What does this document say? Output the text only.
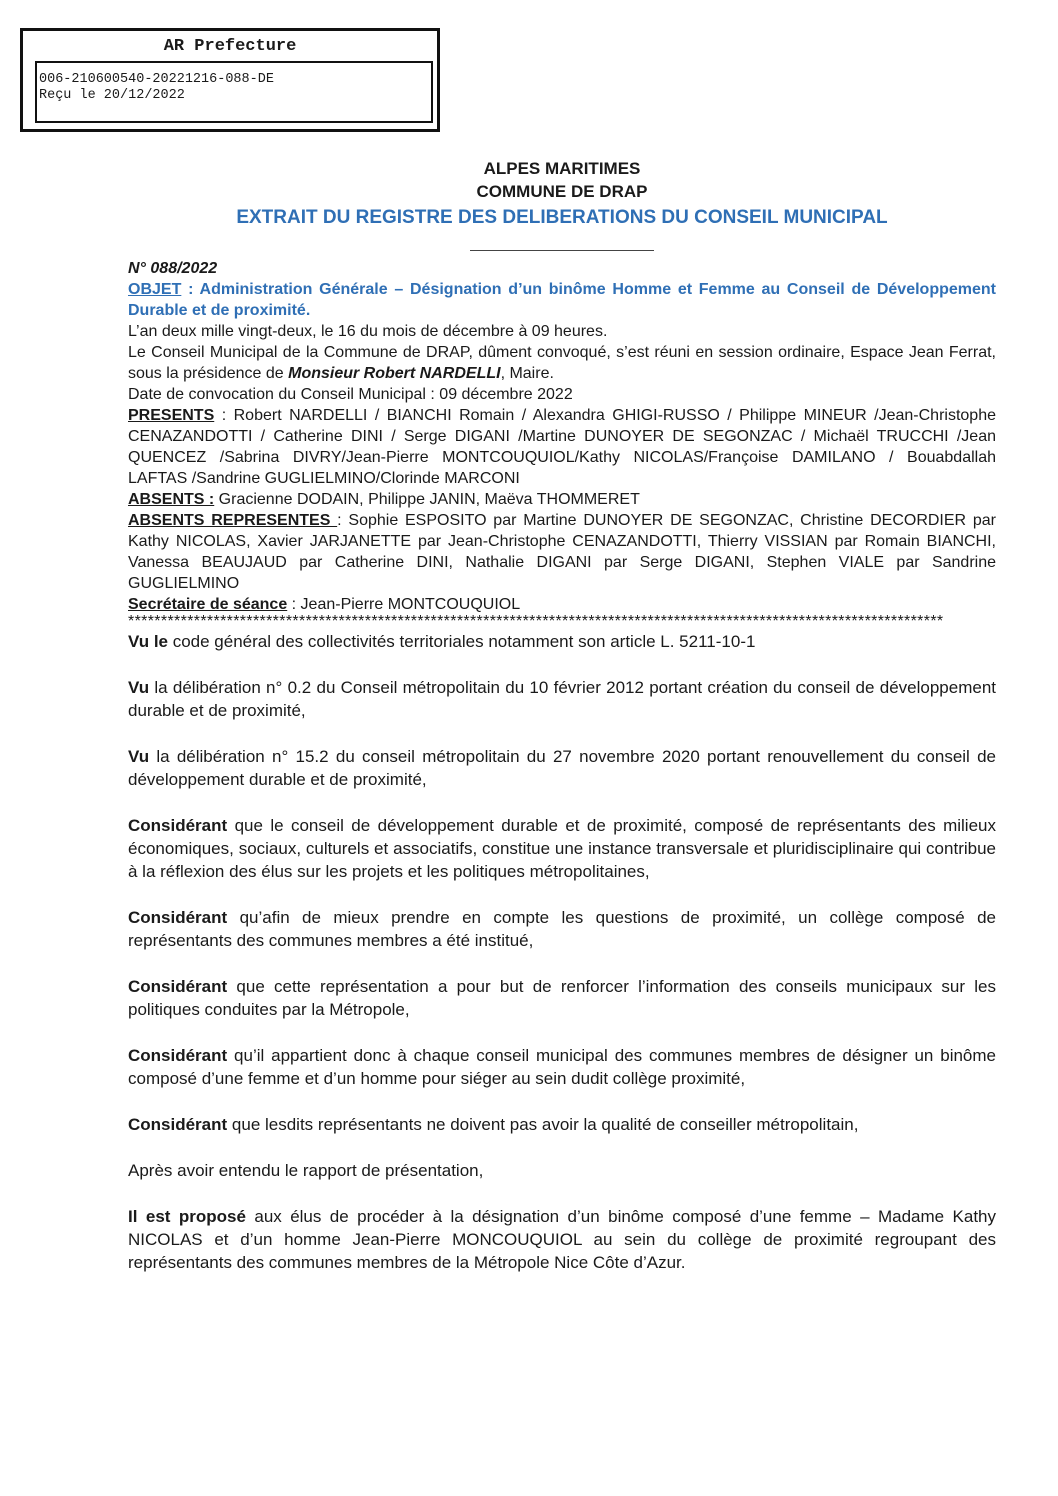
AR Prefecture
006-210600540-20221216-088-DE
Reçu le 20/12/2022
ALPES MARITIMES
COMMUNE DE DRAP
EXTRAIT DU REGISTRE DES DELIBERATIONS DU CONSEIL MUNICIPAL

N° 088/2022

OBJET : Administration Générale – Désignation d’un binôme Homme et Femme au Conseil de Développement Durable et de proximité.

L’an deux mille vingt-deux, le 16 du mois de décembre à 09 heures.

Le Conseil Municipal de la Commune de DRAP, dûment convoqué, s’est réuni en session ordinaire, Espace Jean Ferrat, sous la présidence de Monsieur Robert NARDELLI, Maire.

Date de convocation du Conseil Municipal : 09 décembre 2022

PRESENTS : Robert NARDELLI / BIANCHI Romain / Alexandra GHIGI-RUSSO / Philippe MINEUR /Jean-Christophe CENAZANDOTTI / Catherine DINI / Serge DIGANI /Martine DUNOYER DE SEGONZAC / Michaël TRUCCHI /Jean QUENCEZ /Sabrina DIVRY/Jean-Pierre MONTCOUQUIOL/Kathy NICOLAS/Françoise DAMILANO / Bouabdallah LAFTAS /Sandrine GUGLIELMINO/Clorinde MARCONI

ABSENTS : Gracienne DODAIN, Philippe JANIN, Maëva THOMMERET

ABSENTS REPRESENTES : Sophie ESPOSITO par Martine DUNOYER DE SEGONZAC, Christine DECORDIER par Kathy NICOLAS, Xavier JARJANETTE par Jean-Christophe CENAZANDOTTI, Thierry VISSIAN par Romain BIANCHI, Vanessa BEAUJAUD par Catherine DINI, Nathalie DIGANI par Serge DIGANI, Stephen VIALE par Sandrine GUGLIELMINO

Secrétaire de séance : Jean-Pierre MONTCOUQUIOL

****************************************************************************************************************************

Vu le code général des collectivités territoriales notamment son article L. 5211-10-1

Vu la délibération n° 0.2 du Conseil métropolitain du 10 février 2012 portant création du conseil de développement durable et de proximité,

Vu la délibération n° 15.2 du conseil métropolitain du 27 novembre 2020 portant renouvellement du conseil de développement durable et de proximité,

Considérant que le conseil de développement durable et de proximité, composé de représentants des milieux économiques, sociaux, culturels et associatifs, constitue une instance transversale et pluridisciplinaire qui contribue à la réflexion des élus sur les projets et les politiques métropolitaines,

Considérant qu’afin de mieux prendre en compte les questions de proximité, un collège composé de représentants des communes membres a été institué,

Considérant que cette représentation a pour but de renforcer l’information des conseils municipaux sur les politiques conduites par la Métropole,

Considérant qu’il appartient donc à chaque conseil municipal des communes membres de désigner un binôme composé d’une femme et d’un homme pour siéger au sein dudit collège proximité,

Considérant que lesdits représentants ne doivent pas avoir la qualité de conseiller métropolitain,

Après avoir entendu le rapport de présentation,

Il est proposé aux élus de procéder à la désignation d’un binôme composé d’une femme – Madame Kathy NICOLAS et d’un homme Jean-Pierre MONCOUQUIOL au sein du collège de proximité regroupant des représentants des communes membres de la Métropole Nice Côte d’Azur.
